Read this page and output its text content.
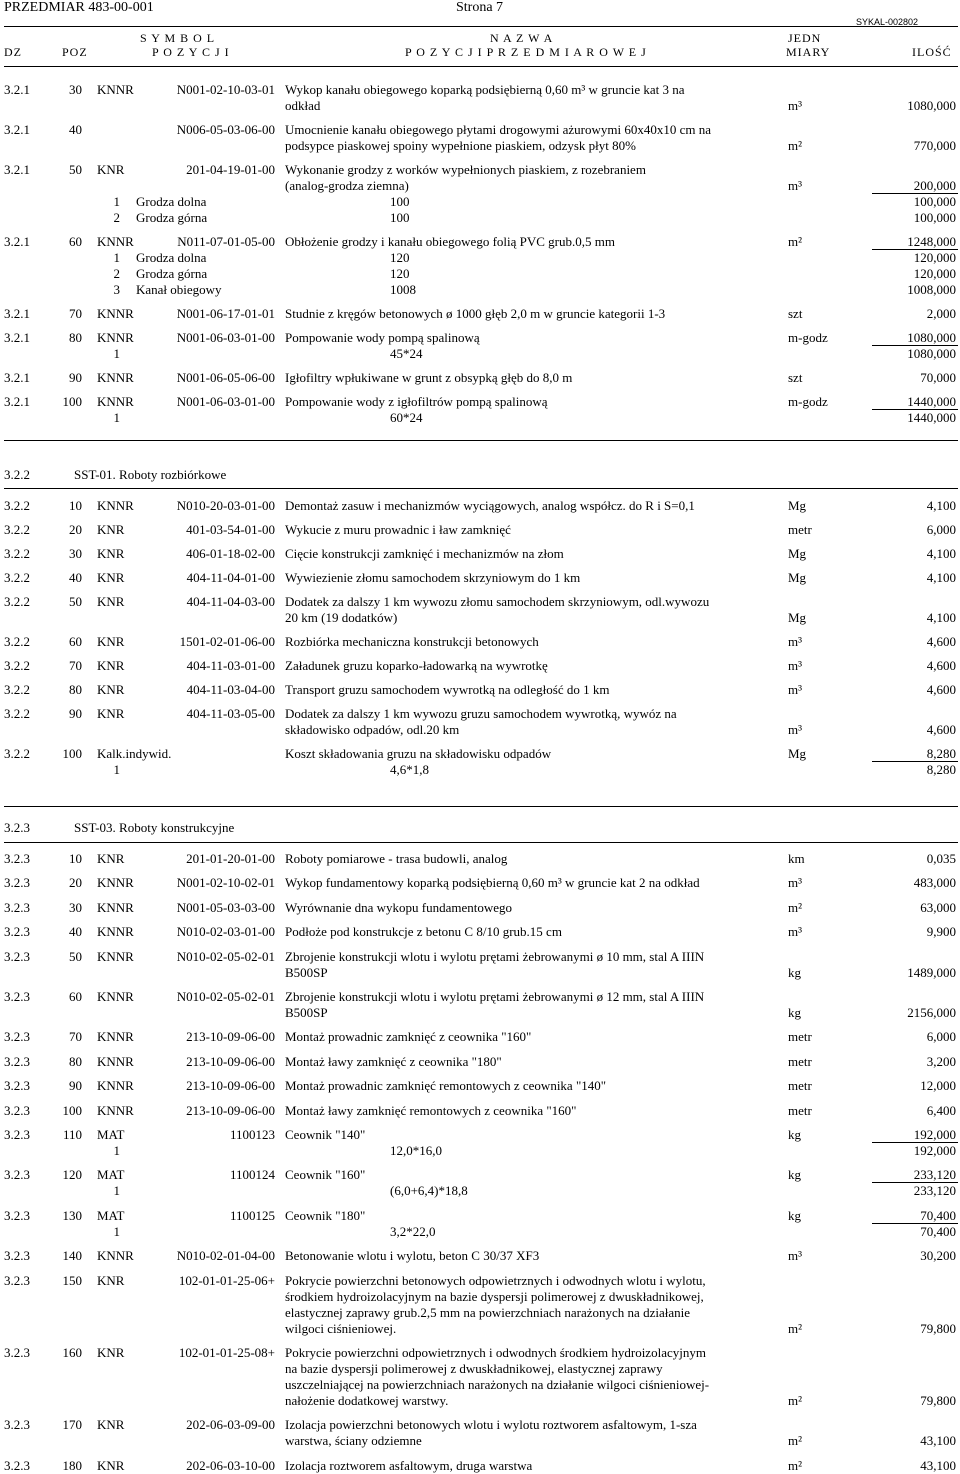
PRZEDMIAR 483-00-001	Strona 7
SYKAL-002802
S Y M B O L	N A Z W A	JEDN
DZ	POZ	P O Z Y C J I	P O Z Y C J I P R Z E D M I A R O W E J	MIARY	ILOŚĆ
3.2.1	30 KNNR	N001-02-10-03-01 Wykop kanału obiegowego koparką podsiębierną 0,60 m³ w gruncie kat 3 na
odkład	m³	1080,000
3.2.1	40	N006-05-03-06-00 Umocnienie kanału obiegowego płytami drogowymi ażurowymi 60x40x10 cm na
podsypce piaskowej spoiny wypełnione piaskiem, odzysk płyt 80%	m²	770,000
3.2.1	50 KNR	201-04-19-01-00 Wykonanie grodzy z worków wypełnionych piaskiem, z rozebraniem
(analog-grodza ziemna)	m³	200,000
1 Grodza dolna	100	100,000
2 Grodza górna	100	100,000
3.2.1	60 KNNR	N011-07-01-05-00 Obłożenie grodzy i kanału obiegowego folią PVC grub.0,5 mm	m²	1248,000
1 Grodza dolna	120	120,000
2 Grodza górna	120	120,000
3 Kanał obiegowy	1008	1008,000
3.2.1	70 KNNR	N001-06-17-01-01 Studnie z kręgów betonowych ø 1000 głęb 2,0 m w gruncie kategorii 1-3	szt	2,000
3.2.1	80 KNNR	N001-06-03-01-00 Pompowanie wody pompą spalinową	m-godz	1080,000
1	45*24	1080,000
3.2.1	90 KNNR	N001-06-05-06-00 Igłofiltry wpłukiwane w grunt z obsypką głęb do 8,0 m	szt	70,000
3.2.1	100 KNNR	N001-06-03-01-00 Pompowanie wody z igłofiltrów pompą spalinową	m-godz	1440,000
1	60*24	1440,000
3.2.2	SST-01. Roboty rozbiórkowe
3.2.2	10 KNNR	N010-20-03-01-00 Demontaż zasuw i mechanizmów wyciągowych, analog współcz. do R i S=0,1	Mg	4,100
3.2.2	20 KNR	401-03-54-01-00 Wykucie z muru prowadnic i ław zamknięć	metr	6,000
3.2.2	30 KNR	406-01-18-02-00 Cięcie konstrukcji zamknięć i mechanizmów na złom	Mg	4,100
3.2.2	40 KNR	404-11-04-01-00 Wywiezienie złomu samochodem skrzyniowym do 1 km	Mg	4,100
3.2.2	50 KNR	404-11-04-03-00 Dodatek za dalszy 1 km wywozu złomu samochodem skrzyniowym, odl.wywozu
20 km (19 dodatków)	Mg	4,100
3.2.2	60 KNR	1501-02-01-06-00 Rozbiórka mechaniczna konstrukcji betonowych	m³	4,600
3.2.2	70 KNR	404-11-03-01-00 Załadunek gruzu koparko-ładowarką na wywrotkę	m³	4,600
3.2.2	80 KNR	404-11-03-04-00 Transport gruzu samochodem wywrotką na odległość do 1 km	m³	4,600
3.2.2	90 KNR	404-11-03-05-00 Dodatek za dalszy 1 km wywozu gruzu samochodem wywrotką, wywóz na
składowisko odpadów, odl.20 km	m³	4,600
3.2.2	100 Kalk.indywid.	Koszt składowania gruzu na składowisku odpadów	Mg	8,280
1	4,6*1,8	8,280
3.2.3	SST-03. Roboty konstrukcyjne
3.2.3	10 KNR	201-01-20-01-00 Roboty pomiarowe - trasa budowli, analog	km	0,035
3.2.3	20 KNNR	N001-02-10-02-01 Wykop fundamentowy koparką podsiębierną 0,60 m³ w gruncie kat 2 na odkład	m³	483,000
3.2.3	30 KNNR	N001-05-03-03-00 Wyrównanie dna wykopu fundamentowego	m²	63,000
3.2.3	40 KNNR	N010-02-03-01-00 Podłoże pod konstrukcje z betonu C 8/10 grub.15 cm	m³	9,900
3.2.3	50 KNNR	N010-02-05-02-01 Zbrojenie konstrukcji wlotu i wylotu prętami żebrowanymi ø 10 mm, stal A IIIN
B500SP	kg	1489,000
3.2.3	60 KNNR	N010-02-05-02-01 Zbrojenie konstrukcji wlotu i wylotu prętami żebrowanymi ø 12 mm, stal A IIIN
B500SP	kg	2156,000
3.2.3	70 KNNR	213-10-09-06-00 Montaż prowadnic zamknięć z ceownika "160"	metr	6,000
3.2.3	80 KNNR	213-10-09-06-00 Montaż ławy zamknięć z ceownika "180"	metr	3,200
3.2.3	90 KNNR	213-10-09-06-00 Montaż prowadnic zamknięć remontowych z ceownika "140"	metr	12,000
3.2.3	100 KNNR	213-10-09-06-00 Montaż ławy zamknięć remontowych z ceownika "160"	metr	6,400
3.2.3	110 MAT	1100123 Ceownik "140"	kg	192,000
1	12,0*16,0	192,000
3.2.3	120 MAT	1100124 Ceownik "160"	kg	233,120
1	(6,0+6,4)*18,8	233,120
3.2.3	130 MAT	1100125 Ceownik "180"	kg	70,400
1	3,2*22,0	70,400
3.2.3	140 KNNR	N010-02-01-04-00 Betonowanie wlotu i wylotu, beton C 30/37 XF3	m³	30,200
3.2.3	150 KNR	102-01-01-25-06+ Pokrycie powierzchni betonowych odpowietrznych i odwodnych wlotu i wylotu,
środkiem hydroizolacyjnym na bazie dyspersji polimerowej z dwuskładnikowej,
elastycznej zaprawy grub.2,5 mm na powierzchniach narażonych na działanie
wilgoci ciśnieniowej.	m²	79,800
3.2.3	160 KNR	102-01-01-25-08+ Pokrycie powierzchni odpowietrznych i odwodnych środkiem hydroizolacyjnym
na bazie dyspersji polimerowej z dwuskładnikowej, elastycznej zaprawy
uszczelniającej na powierzchniach narażonych na działanie wilgoci ciśnieniowej-
nałożenie dodatkowej warstwy.	m²	79,800
3.2.3	170 KNR	202-06-03-09-00 Izolacja powierzchni betonowych wlotu i wylotu roztworem asfaltowym, 1-sza
warstwa, ściany odziemne	m²	43,100
3.2.3	180 KNR	202-06-03-10-00 Izolacja roztworem asfaltowym, druga warstwa	m²	43,100
